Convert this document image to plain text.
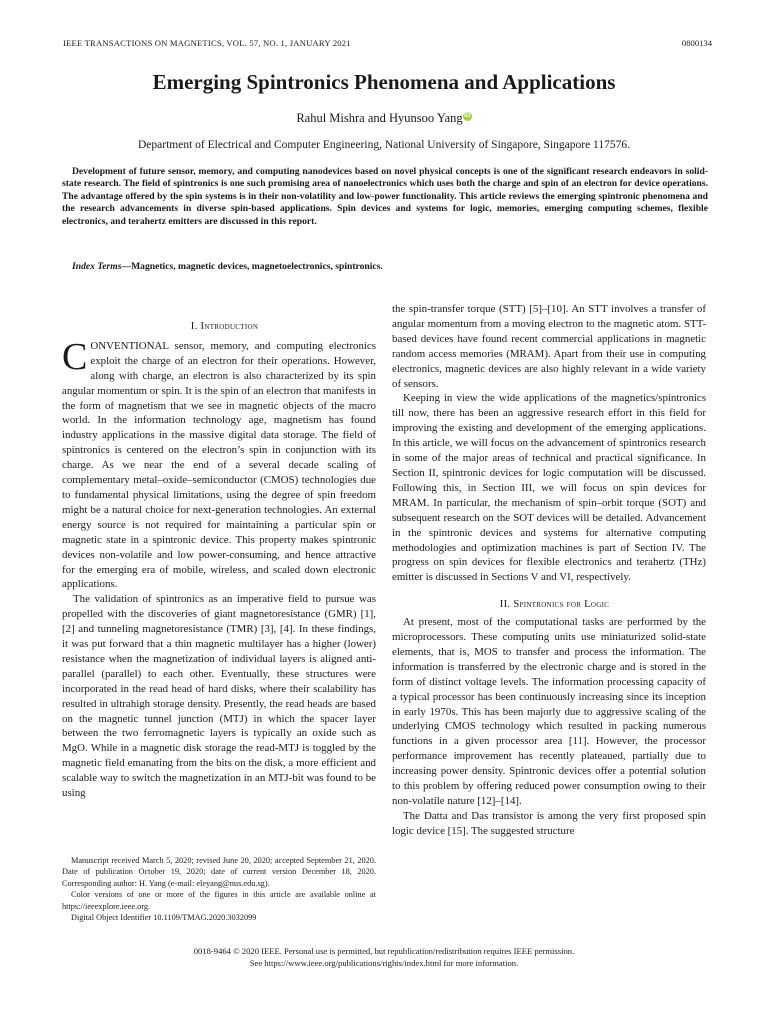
IEEE TRANSACTIONS ON MAGNETICS, VOL. 57, NO. 1, JANUARY 2021	0800134
Emerging Spintronics Phenomena and Applications
Rahul Mishra and Hyunsoo Yang iD
Department of Electrical and Computer Engineering, National University of Singapore, Singapore 117576.
Development of future sensor, memory, and computing nanodevices based on novel physical concepts is one of the significant research endeavors in solid-state research. The field of spintronics is one such promising area of nanoelectronics which uses both the charge and spin of an electron for device operations. The advantage offered by the spin systems is in their non-volatility and low-power functionality. This article reviews the emerging spintronic phenomena and the research advancements in diverse spin-based applications. Spin devices and systems for logic, memories, emerging computing schemes, flexible electronics, and terahertz emitters are discussed in this report.
Index Terms—Magnetics, magnetic devices, magnetoelectronics, spintronics.

I. Introduction

CONVENTIONAL sensor, memory, and computing electronics exploit the charge of an electron for their operations. However, along with charge, an electron is also characterized by its spin angular momentum or spin. It is the spin of an electron that manifests in the form of magnetism that we see in magnetic objects of the macro world. In the information technology age, magnetism has found industry applications in the massive digital data storage. The field of spintronics is centered on the electron’s spin in conjunction with its charge. As we near the end of a several decade scaling of complementary metal–oxide–semiconductor (CMOS) technologies due to fundamental physical limitations, using the degree of spin freedom might be a natural choice for next-generation technologies. An external energy source is not required for maintaining a particular spin or magnetic state in a spintronic device. This property makes spintronic devices non-volatile and low power-consuming, and hence attractive for the emerging era of mobile, wireless, and scaled down electronic applications.

The validation of spintronics as an imperative field to pursue was propelled with the discoveries of giant magnetoresistance (GMR) [1], [2] and tunneling magnetoresistance (TMR) [3], [4]. In these findings, it was put forward that a thin magnetic multilayer has a higher (lower) resistance when the magnetization of individual layers is aligned anti-parallel (parallel) to each other. Eventually, these structures were incorporated in the read head of hard disks, where their scalability has resulted in ultrahigh storage density. Presently, the read heads are based on the magnetic tunnel junction (MTJ) in which the spacer layer between the two ferromagnetic layers is typically an oxide such as MgO. While in a magnetic disk storage the read-MTJ is toggled by the magnetic field emanating from the bits on the disk, a more efficient and scalable way to switch the magnetization in an MTJ-bit was found to be using

the spin-transfer torque (STT) [5]–[10]. An STT involves a transfer of angular momentum from a moving electron to the magnetic atom. STT-based devices have found recent commercial applications in magnetic random access memories (MRAM). Apart from their use in computing electronics, magnetic devices are also highly relevant in a wide variety of sensors.

Keeping in view the wide applications of the magnetics/spintronics till now, there has been an aggressive research effort in this field for improving the existing and development of the emerging applications. In this article, we will focus on the advancement of spintronics research in some of the major areas of technical and practical significance. In Section II, spintronic devices for logic computation will be discussed. Following this, in Section III, we will focus on spin devices for MRAM. In particular, the mechanism of spin–orbit torque (SOT) and subsequent research on the SOT devices will be detailed. Advancement in the spintronic devices and systems for alternative computing methodologies and optimization machines is part of Section IV. The progress on spin devices for flexible electronics and terahertz (THz) emitter is discussed in Sections V and VI, respectively.

II. Spintronics for Logic

At present, most of the computational tasks are performed by the microprocessors. These computing units use miniaturized solid-state elements, that is, MOS to transfer and process the information. The information is transferred by the electronic charge and is stored in the form of distinct voltage levels. The information processing capacity of a typical processor has been continuously increasing since its inception in early 1970s. This has been majorly due to aggressive scaling of the underlying CMOS technology which resulted in packing numerous functions in a given processor area [11]. However, the processor performance improvement has recently plateaued, partially due to increasing power density. Spintronic devices offer a potential solution to this problem by offering reduced power consumption owing to their non-volatile nature [12]–[14].

The Datta and Das transistor is among the very first proposed spin logic device [15]. The suggested structure

Manuscript received March 5, 2020; revised June 20, 2020; accepted September 21, 2020. Date of publication October 19, 2020; date of current version December 18, 2020. Corresponding author: H. Yang (e-mail: eleyang@nus.edu.sg).

Color versions of one or more of the figures in this article are available online at https://ieeexplore.ieee.org.

Digital Object Identifier 10.1109/TMAG.2020.3032099

0018-9464 © 2020 IEEE. Personal use is permitted, but republication/redistribution requires IEEE permission.
See https://www.ieee.org/publications/rights/index.html for more information.
